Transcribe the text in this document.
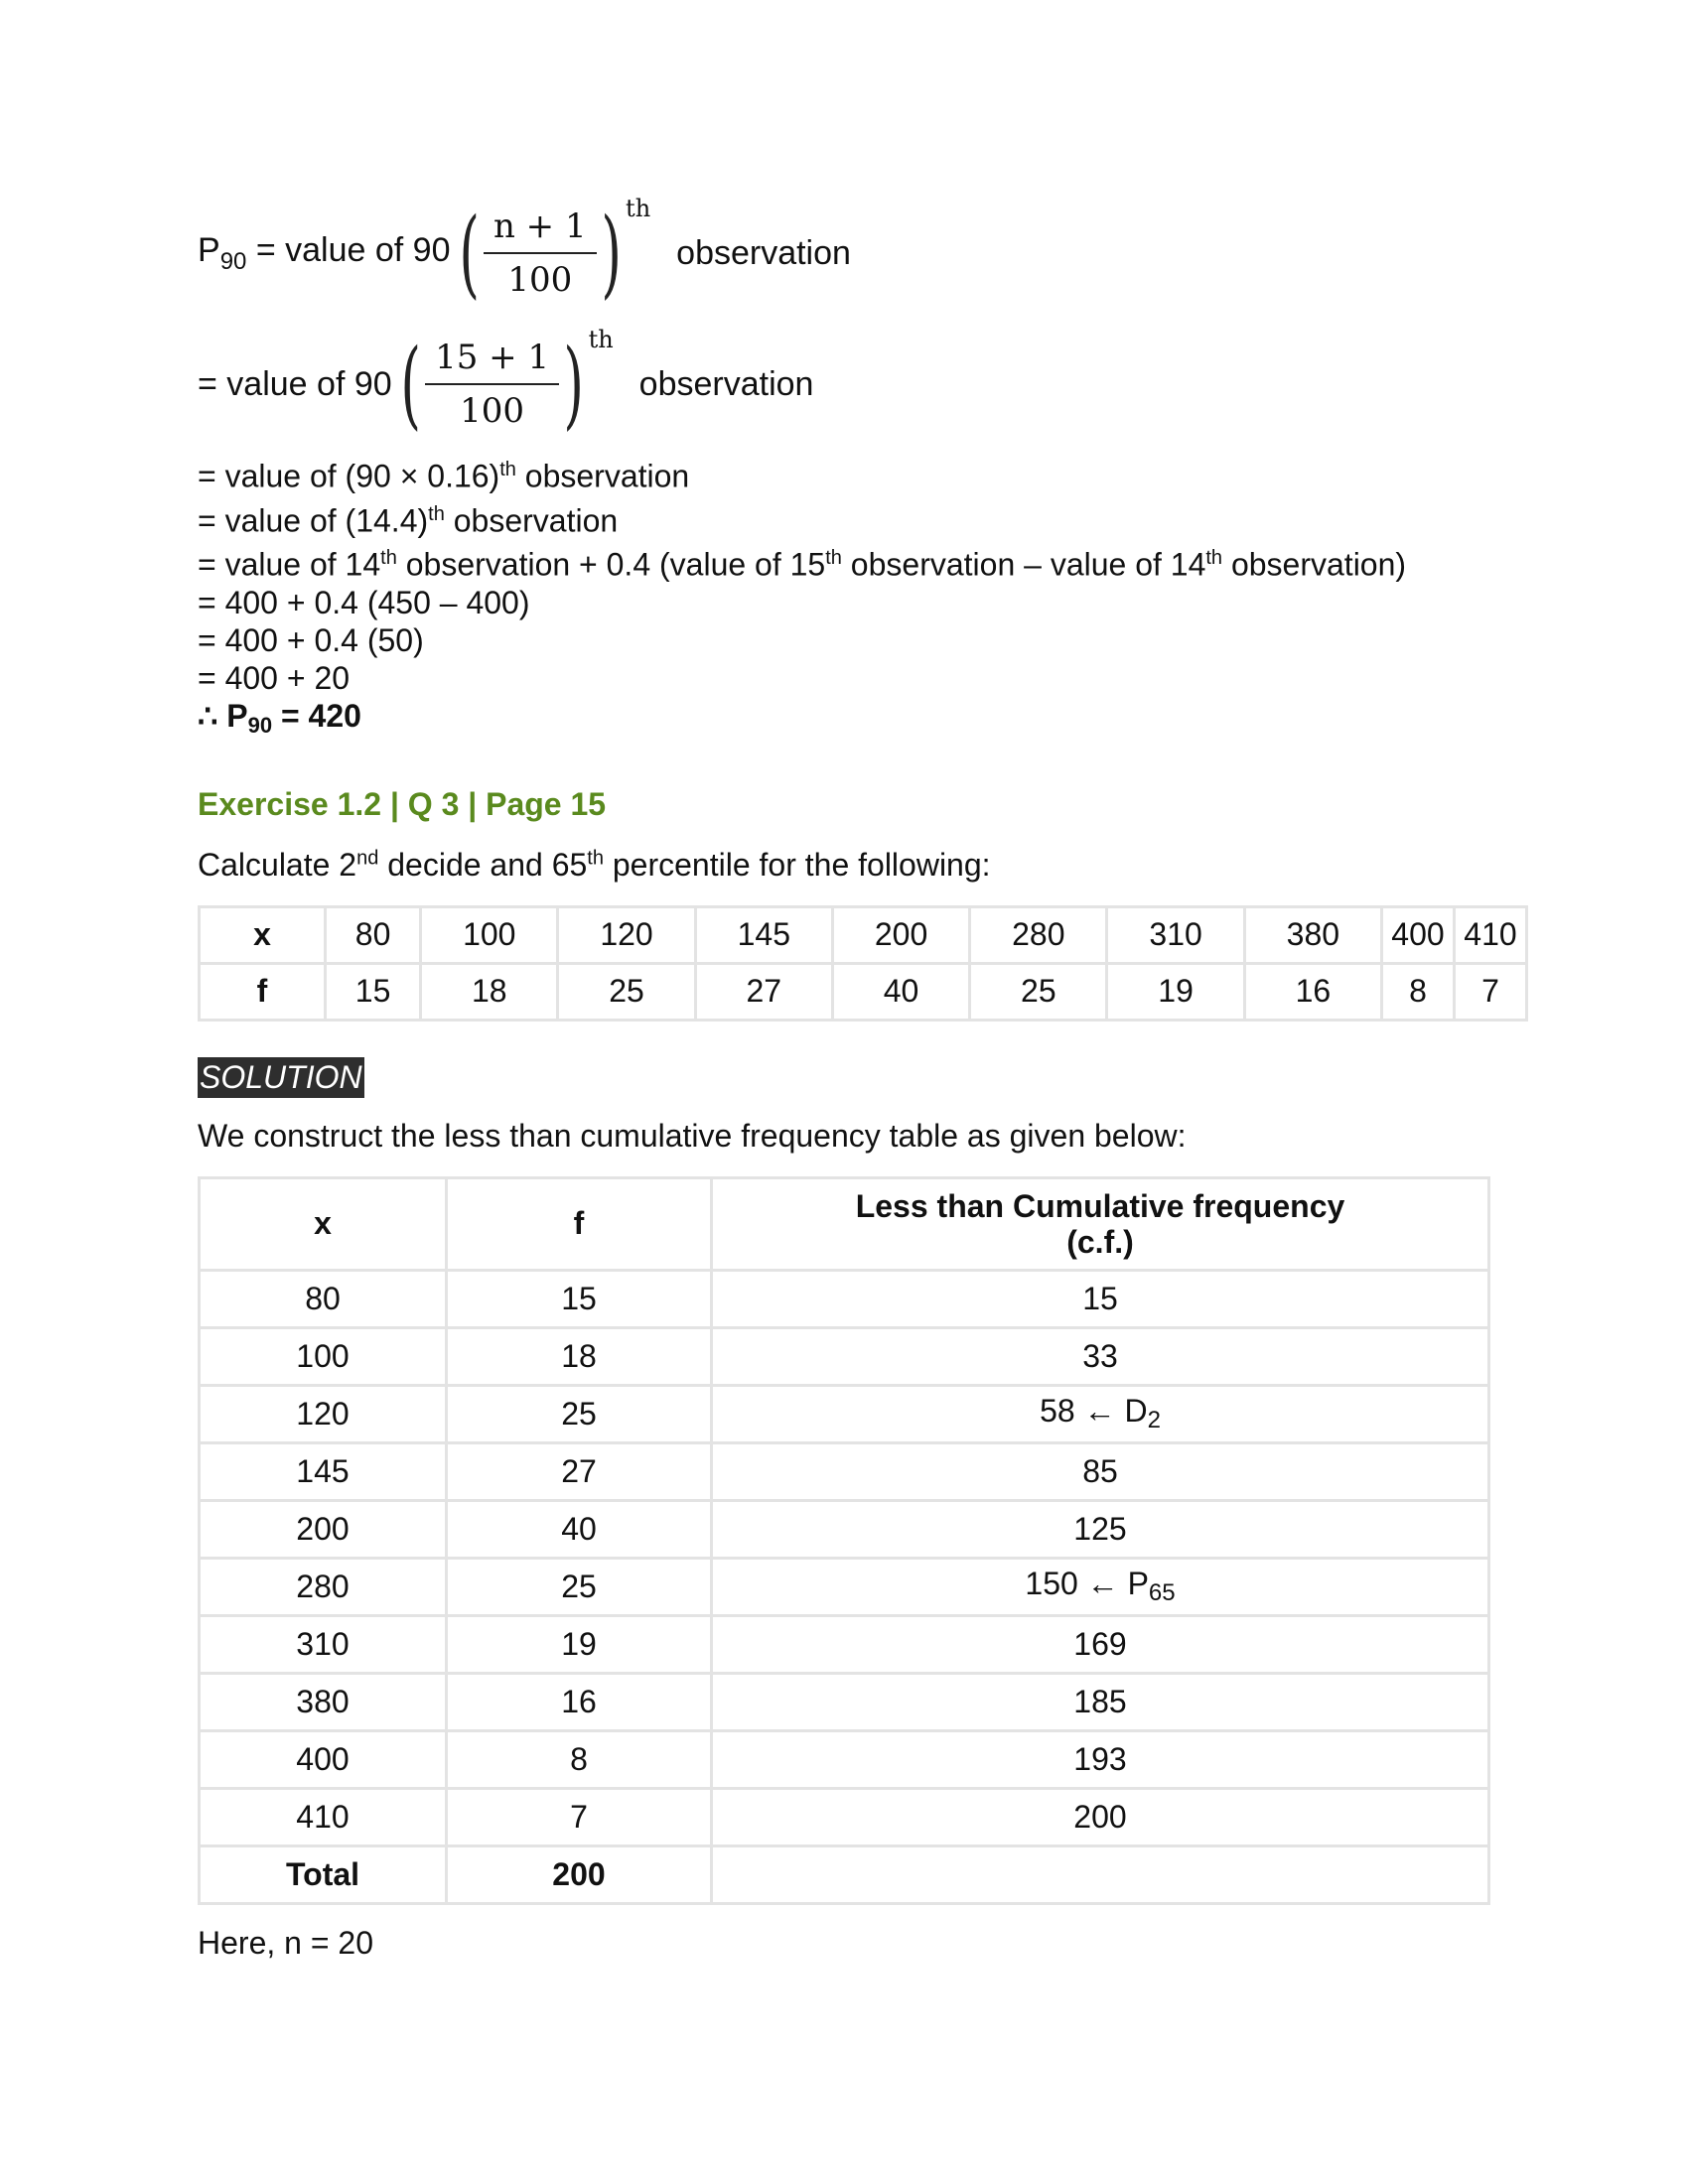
$P_{90}$ = value of 90 ( $\frac{n + 1}{100}$ ) th
observation
= value of 90 ( $\frac{15 + 1}{100}$ ) th
observation
= value of $(90 \times 0.16)^{th}$ observation
= value of $(14.4)^{th}$ observation
= value of 14th observation + 0.4 (value of 15th observation – value of 14th observation)
= 400 + 0.4 (450 – 400)
= 400 + 0.4 (50)
= 400 + 20
∴ $P_{90} = 420$
Exercise 1.2 | Q 3 | Page 15
Calculate 2nd decide and 65th percentile for the following:
x	80	100	120	145	200	280	310	380	400	410
f	15	18	25	27	40	25	19	16	8	7
SOLUTION
We construct the less than cumulative frequency table as given below:
x	f	Less than Cumulative frequency
(c.f.)
80	15	15
100	18	33
120	25	58 ← D2
145	27	85
200	40	125
280	25	150 ← P65
310	19	169
380	16	185
400	8	193
410	7	200
Total	200	
Here, n = 20
